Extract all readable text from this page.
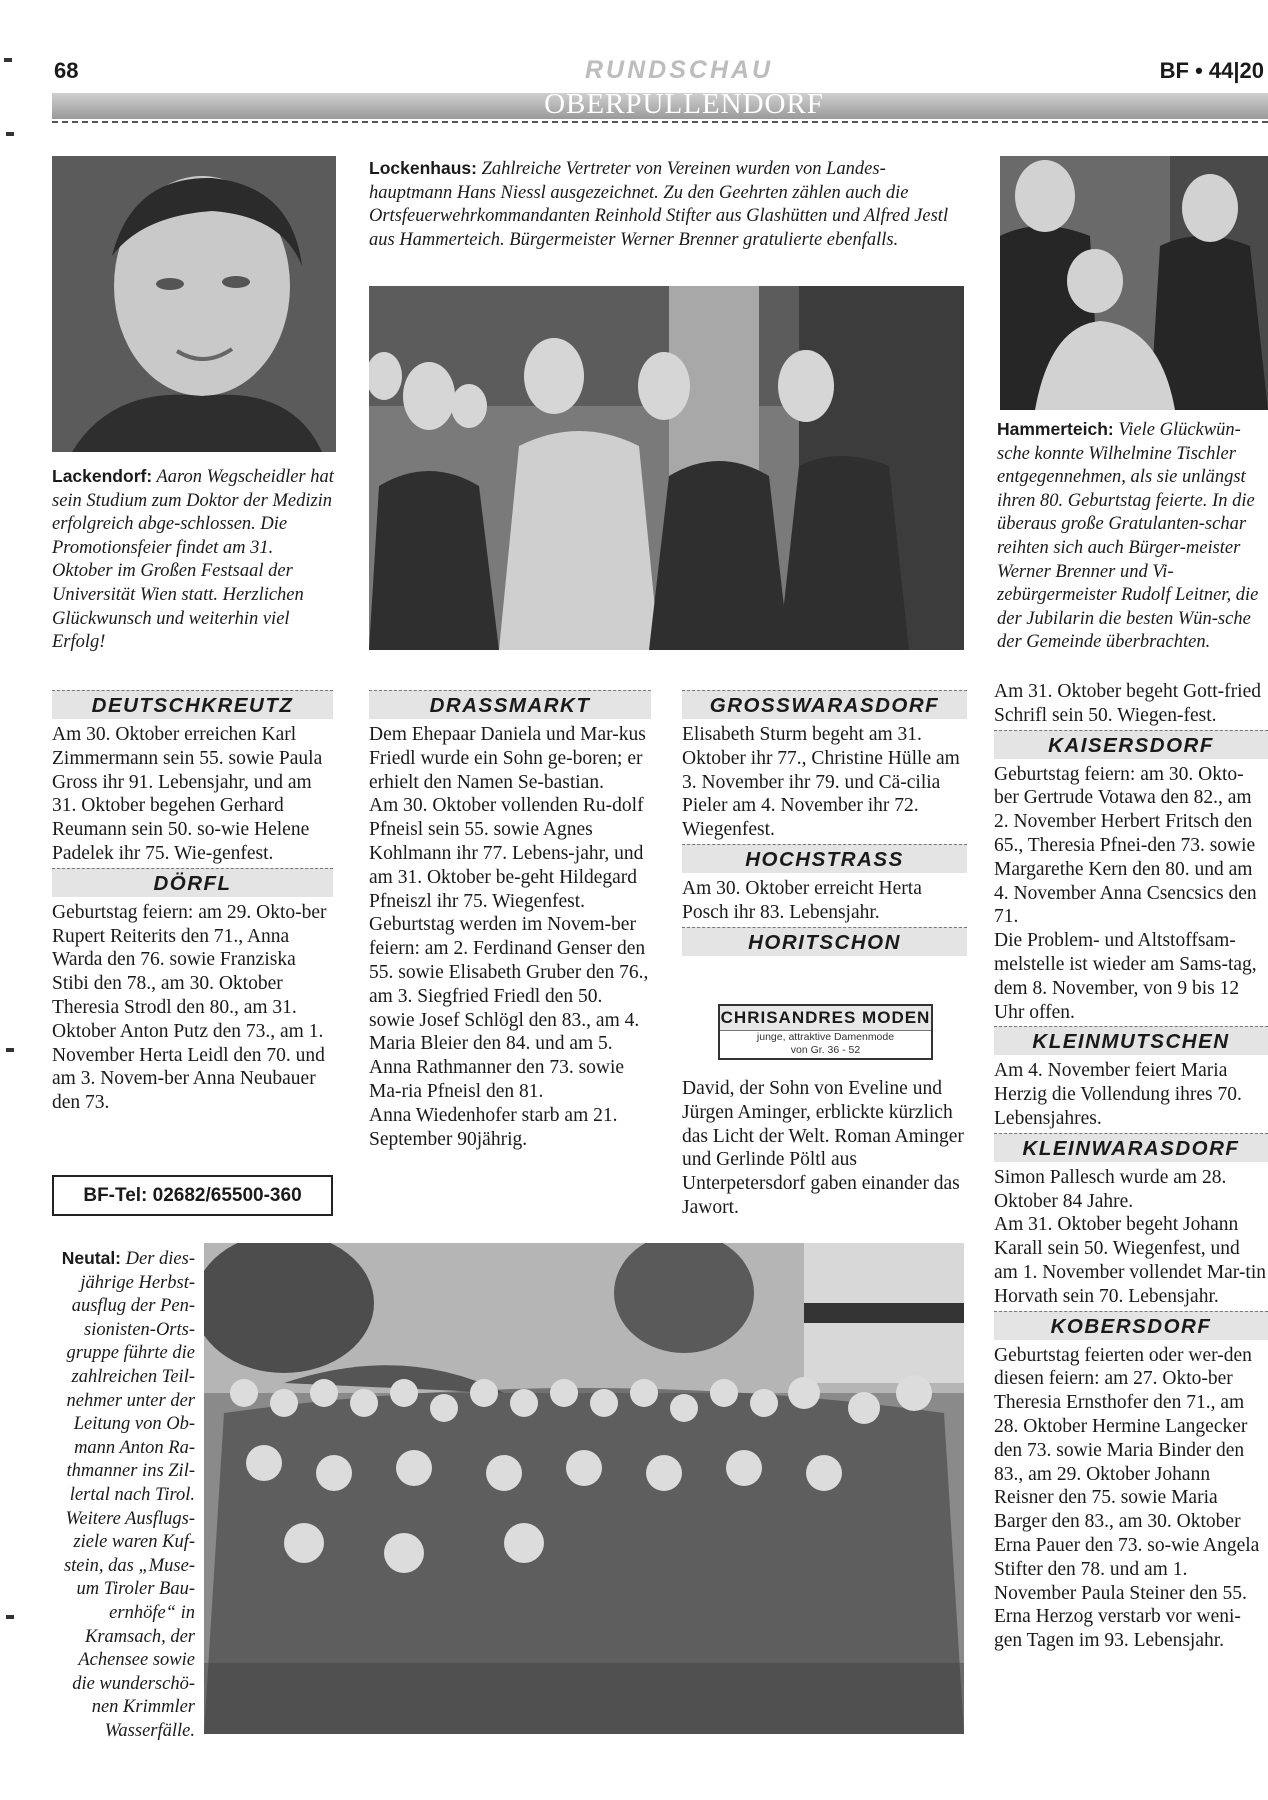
68	RUNDSCHAU	BF • 44|20
OBERPULLENDORF
Lackendorf: Aaron Wegscheidler hat sein Studium zum Doktor der Medizin erfolgreich abge-schlossen. Die Promotionsfeier findet am 31. Oktober im Großen Festsaal der Universität Wien statt. Herzlichen Glückwunsch und weiterhin viel Erfolg!
Lockenhaus: Zahlreiche Vertreter von Vereinen wurden von Landes-hauptmann Hans Niessl ausgezeichnet. Zu den Geehrten zählen auch die Ortsfeuerwehrkommandanten Reinhold Stifter aus Glashütten und Alfred Jestl aus Hammerteich. Bürgermeister Werner Brenner gratulierte ebenfalls.
Hammerteich: Viele Glückwün-sche konnte Wilhelmine Tischler entgegennehmen, als sie unlängst ihren 80. Geburtstag feierte. In die überaus große Gratulanten-schar reihten sich auch Bürger-meister Werner Brenner und Vi-zebürgermeister Rudolf Leitner, die der Jubilarin die besten Wün-sche der Gemeinde überbrachten.
Neutal: Der dies-jährige Herbst-ausflug der Pen-sionisten-Orts-gruppe führte die zahlreichen Teil-nehmer unter der Leitung von Ob-mann Anton Ra-thmanner ins Zil-lertal nach Tirol. Weitere Ausflugs-ziele waren Kuf-stein, das „Muse-um Tiroler Bau-ernhöfe“ in Kramsach, der Achensee sowie die wunderschö-nen Krimmler Wasserfälle.
DEUTSCHKREUTZ

Am 30. Oktober erreichen Karl Zimmermann sein 55. sowie Paula Gross ihr 91. Lebensjahr, und am 31. Oktober begehen Gerhard Reumann sein 50. so-wie Helene Padelek ihr 75. Wie-genfest.

DÖRFL

Geburtstag feiern: am 29. Okto-ber Rupert Reiterits den 71., Anna Warda den 76. sowie Franziska Stibi den 78., am 30. Oktober Theresia Strodl den 80., am 31. Oktober Anton Putz den 73., am 1. November Herta Leidl den 70. und am 3. Novem-ber Anna Neubauer den 73.

BF-Tel: 02682/65500-360
DRASSMARKT

Dem Ehepaar Daniela und Mar-kus Friedl wurde ein Sohn ge-boren; er erhielt den Namen Se-bastian.

Am 30. Oktober vollenden Ru-dolf Pfneisl sein 55. sowie Agnes Kohlmann ihr 77. Lebens-jahr, und am 31. Oktober be-geht Hildegard Pfneiszl ihr 75. Wiegenfest.

Geburtstag werden im Novem-ber feiern: am 2. Ferdinand Genser den 55. sowie Elisabeth Gruber den 76., am 3. Siegfried Friedl den 50. sowie Josef Schlögl den 83., am 4. Maria Bleier den 84. und am 5. Anna Rathmanner den 73. sowie Ma-ria Pfneisl den 81.

Anna Wiedenhofer starb am 21. September 90jährig.

GROSSWARASDORF

Elisabeth Sturm begeht am 31. Oktober ihr 77., Christine Hülle am 3. November ihr 79. und Cä-cilia Pieler am 4. November ihr 72. Wiegenfest.

HOCHSTRASS

Am 30. Oktober erreicht Herta Posch ihr 83. Lebensjahr.

HORITSCHON
CHRISANDRES MODEN
junge, attraktive Damenmode
von Gr. 36 - 52

David, der Sohn von Eveline und Jürgen Aminger, erblickte kürzlich das Licht der Welt. Roman Aminger und Gerlinde Pöltl aus Unterpetersdorf gaben einander das Jawort.

Am 31. Oktober begeht Gott-fried Schrifl sein 50. Wiegen-fest.

KAISERSDORF

Geburtstag feiern: am 30. Okto-ber Gertrude Votawa den 82., am 2. November Herbert Fritsch den 65., Theresia Pfnei-den 73. sowie Margarethe Kern den 80. und am 4. November Anna Csencsics den 71.

Die Problem- und Altstoffsam-melstelle ist wieder am Sams-tag, dem 8. November, von 9 bis 12 Uhr offen.

KLEINMUTSCHEN

Am 4. November feiert Maria Herzig die Vollendung ihres 70. Lebensjahres.

KLEINWARASDORF

Simon Pallesch wurde am 28. Oktober 84 Jahre.

Am 31. Oktober begeht Johann Karall sein 50. Wiegenfest, und am 1. November vollendet Mar-tin Horvath sein 70. Lebensjahr.

KOBERSDORF

Geburtstag feierten oder wer-den diesen feiern: am 27. Okto-ber Theresia Ernsthofer den 71., am 28. Oktober Hermine Langecker den 73. sowie Maria Binder den 83., am 29. Oktober Johann Reisner den 75. sowie Maria Barger den 83., am 30. Oktober Erna Pauer den 73. so-wie Angela Stifter den 78. und am 1. November Paula Steiner den 55.

Erna Herzog verstarb vor weni-gen Tagen im 93. Lebensjahr.
